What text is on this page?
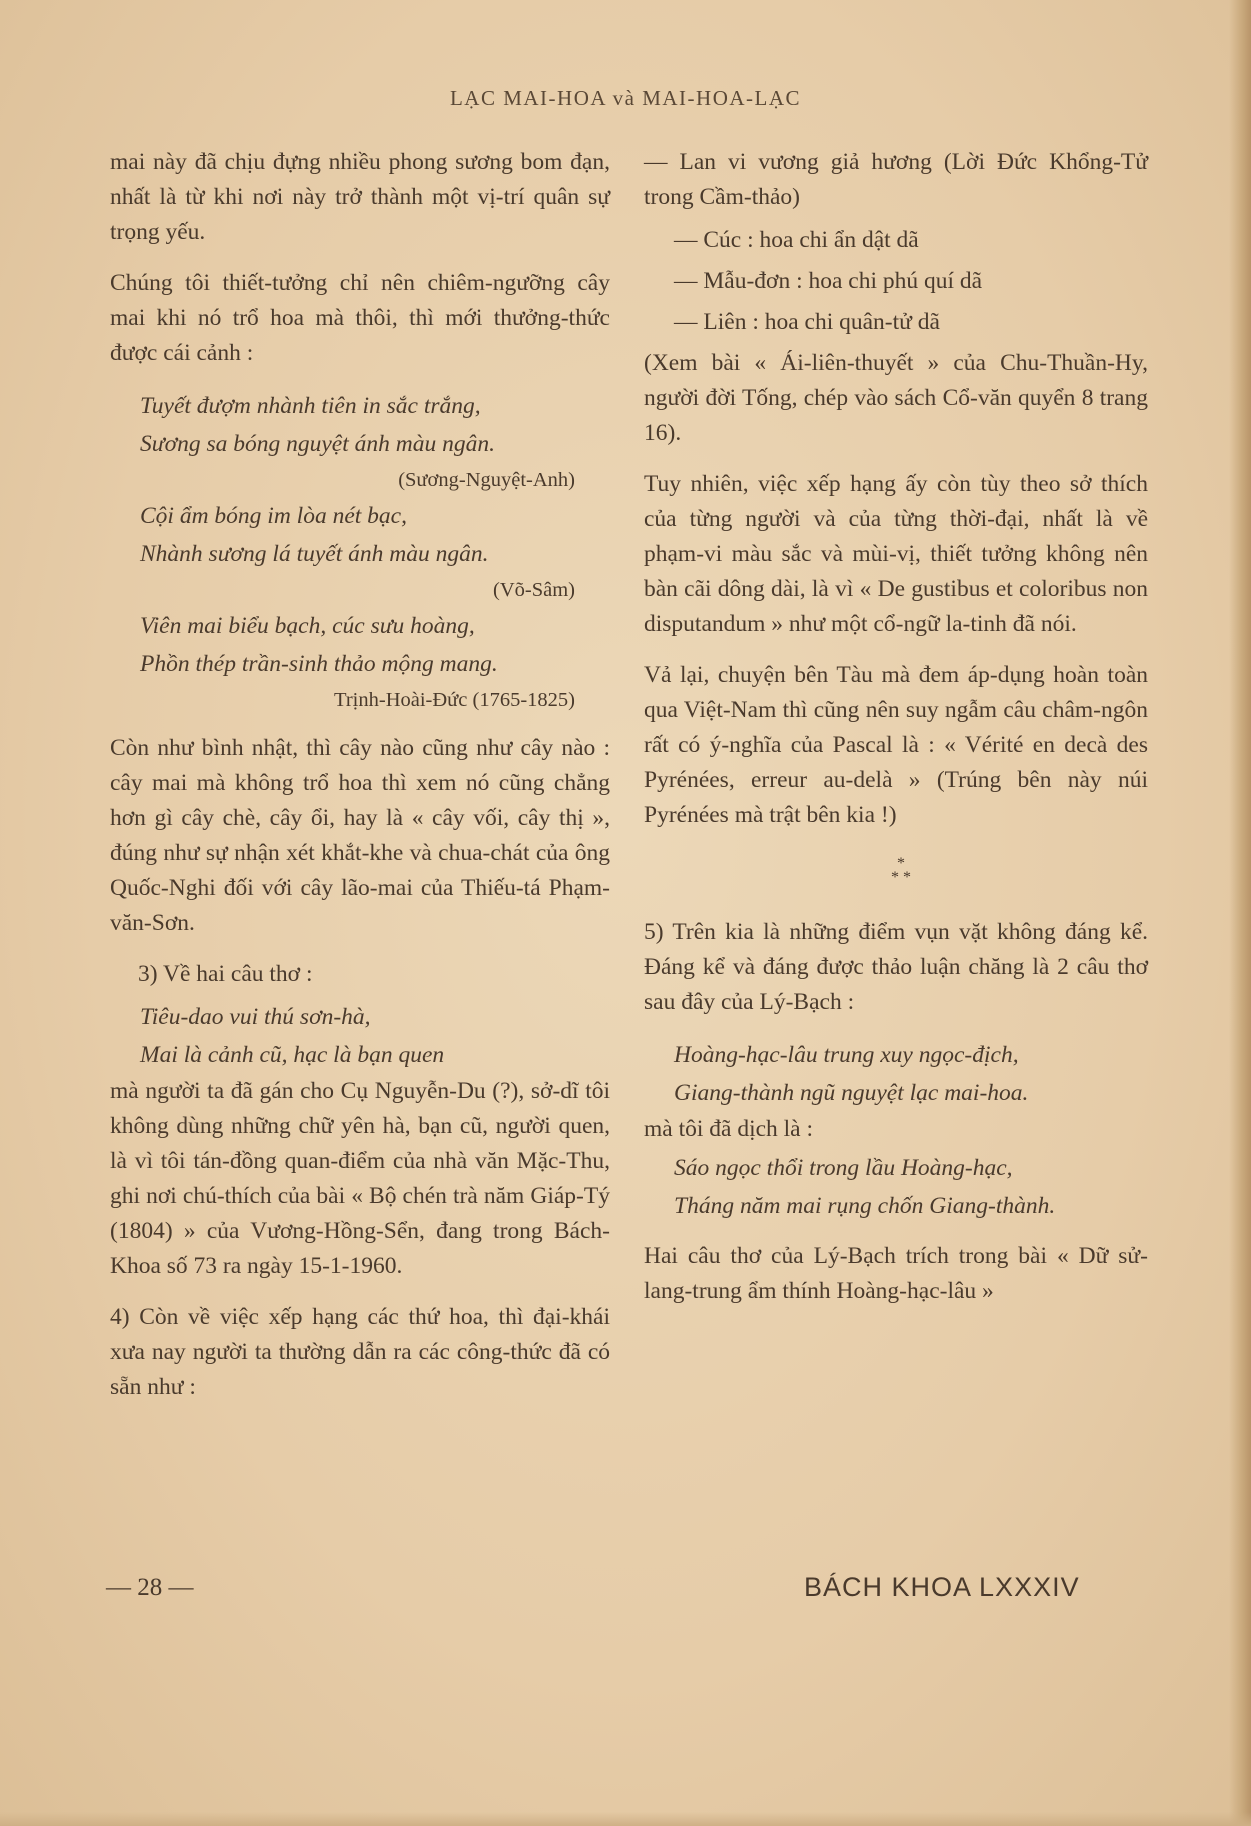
LẠC MAI-HOA và MAI-HOA-LẠC

mai này đã chịu đựng nhiều phong sương bom đạn, nhất là từ khi nơi này trở thành một vị-trí quân sự trọng yếu.

Chúng tôi thiết-tưởng chỉ nên chiêm-ngưỡng cây mai khi nó trổ hoa mà thôi, thì mới thưởng-thức được cái cảnh :

Tuyết đượm nhành tiên in sắc trắng,

Sương sa bóng nguyệt ánh màu ngân.

(Sương-Nguyệt-Anh)

Cội ẩm bóng im lòa nét bạc,

Nhành sương lá tuyết ánh màu ngân.

(Võ-Sâm)

Viên mai biểu bạch, cúc sưu hoàng,

Phồn thép trần-sinh thảo mộng mang.

Trịnh-Hoài-Đức (1765-1825)

Còn như bình nhật, thì cây nào cũng như cây nào : cây mai mà không trổ hoa thì xem nó cũng chẳng hơn gì cây chè, cây ổi, hay là « cây vối, cây thị », đúng như sự nhận xét khắt-khe và chua-chát của ông Quốc-Nghi đối với cây lão-mai của Thiếu-tá Phạm-văn-Sơn.

3) Về hai câu thơ :

Tiêu-dao vui thú sơn-hà,

Mai là cảnh cũ, hạc là bạn quen

mà người ta đã gán cho Cụ Nguyễn-Du (?), sở-dĩ tôi không dùng những chữ yên hà, bạn cũ, người quen, là vì tôi tán-đồng quan-điểm của nhà văn Mặc-Thu, ghi nơi chú-thích của bài « Bộ chén trà năm Giáp-Tý (1804) » của Vương-Hồng-Sển, đang trong Bách-Khoa số 73 ra ngày 15-1-1960.

4) Còn về việc xếp hạng các thứ hoa, thì đại-khái xưa nay người ta thường dẫn ra các công-thức đã có sẵn như :

— Lan vi vương giả hương (Lời Đức Khổng-Tử trong Cầm-thảo)

— Cúc : hoa chi ẩn dật dã

— Mẫu-đơn : hoa chi phú quí dã

— Liên : hoa chi quân-tử dã

(Xem bài « Ái-liên-thuyết » của Chu-Thuần-Hy, người đời Tống, chép vào sách Cổ-văn quyển 8 trang 16).

Tuy nhiên, việc xếp hạng ấy còn tùy theo sở thích của từng người và của từng thời-đại, nhất là về phạm-vi màu sắc và mùi-vị, thiết tưởng không nên bàn cãi dông dài, là vì « De gustibus et coloribus non disputandum » như một cổ-ngữ la-tinh đã nói.

Vả lại, chuyện bên Tàu mà đem áp-dụng hoàn toàn qua Việt-Nam thì cũng nên suy ngẫm câu châm-ngôn rất có ý-nghĩa của Pascal là : « Vérité en decà des Pyrénées, erreur au-delà » (Trúng bên này núi Pyrénées mà trật bên kia !)

*
* *

5) Trên kia là những điểm vụn vặt không đáng kể. Đáng kể và đáng được thảo luận chăng là 2 câu thơ sau đây của Lý-Bạch :

Hoàng-hạc-lâu trung xuy ngọc-địch,

Giang-thành ngũ nguyệt lạc mai-hoa.

mà tôi đã dịch là :

Sáo ngọc thổi trong lầu Hoàng-hạc,

Tháng năm mai rụng chốn Giang-thành.

Hai câu thơ của Lý-Bạch trích trong bài « Dữ sử-lang-trung ẩm thính Hoàng-hạc-lâu »

— 28 —	BÁCH KHOA LXXXIV
